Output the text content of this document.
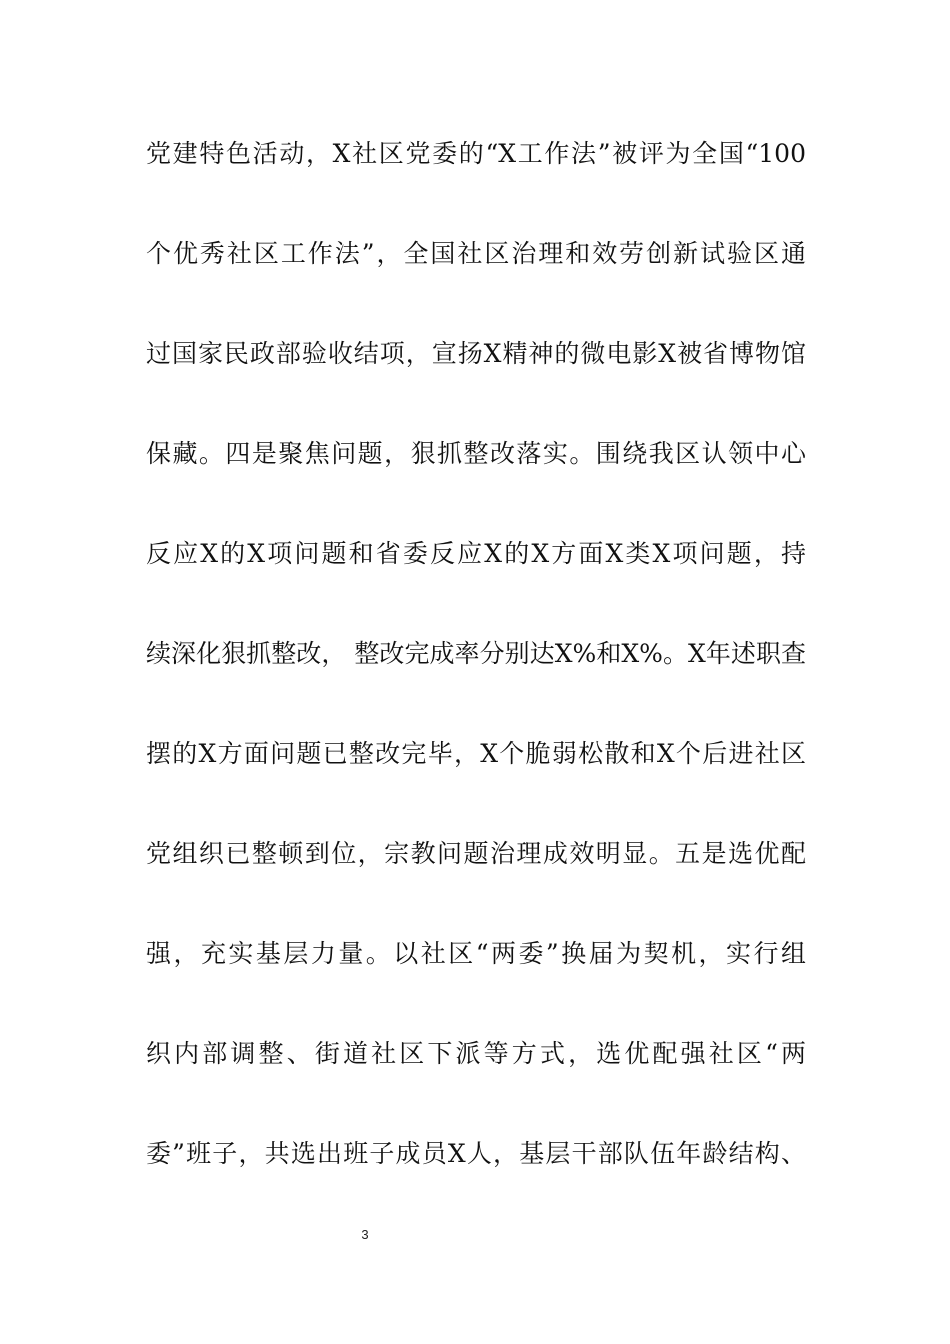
党建特色活动，X社区党委的“X工作法”被评为全国“100
个优秀社区工作法”，全国社区治理和效劳创新试验区通
过国家民政部验收结项，宣扬X精神的微电影X被省博物馆
保藏。四是聚焦问题，狠抓整改落实。围绕我区认领中心
反应X的X项问题和省委反应X的X方面X类X项问题，持
续深化狠抓整改， 整改完成率分别达X%和X%。X年述职查
摆的X方面问题已整改完毕，X个脆弱松散和X个后进社区
党组织已整顿到位，宗教问题治理成效明显。五是选优配
强，充实基层力量。以社区“两委”换届为契机，实行组
织内部调整、街道社区下派等方式，选优配强社区“两
委”班子，共选出班子成员X人，基层干部队伍年龄结构、
3
